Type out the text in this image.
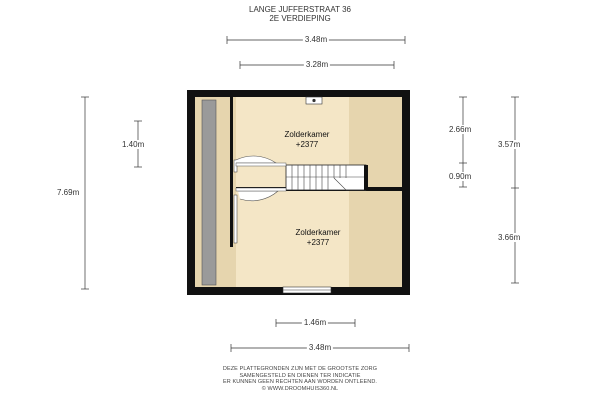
LANGE JUFFERSTRAAT 36
2E VERDIEPING
3.48m
3.28m
1.46m
3.48m
7.69m
1.40m
2.66m
0.90m
3.57m
3.66m
Zolderkamer
+2377
Zolderkamer
+2377
DEZE PLATTEGRONDEN ZIJN MET DE GROOTSTE ZORG
SAMENGESTELD EN DIENEN TER INDICATIE
ER KUNNEN GEEN RECHTEN AAN WORDEN ONTLEEND.
© WWW.DROOMHUIS360.NL
